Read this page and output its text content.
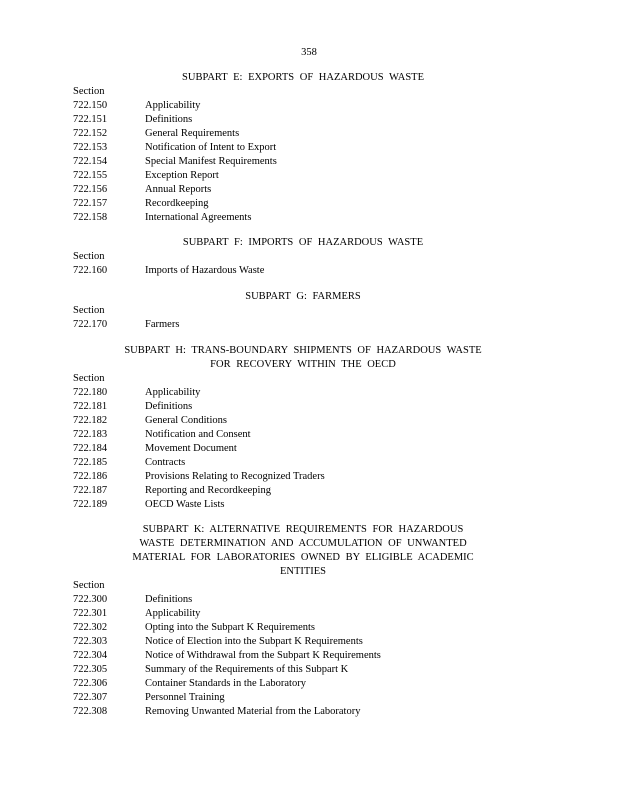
358
SUBPART E: EXPORTS OF HAZARDOUS WASTE
Section
722.150	Applicability
722.151	Definitions
722.152	General Requirements
722.153	Notification of Intent to Export
722.154	Special Manifest Requirements
722.155	Exception Report
722.156	Annual Reports
722.157	Recordkeeping
722.158	International Agreements
SUBPART F: IMPORTS OF HAZARDOUS WASTE
Section
722.160	Imports of Hazardous Waste
SUBPART G: FARMERS
Section
722.170	Farmers
SUBPART H: TRANS-BOUNDARY SHIPMENTS OF HAZARDOUS WASTE
FOR RECOVERY WITHIN THE OECD
Section
722.180	Applicability
722.181	Definitions
722.182	General Conditions
722.183	Notification and Consent
722.184	Movement Document
722.185	Contracts
722.186	Provisions Relating to Recognized Traders
722.187	Reporting and Recordkeeping
722.189	OECD Waste Lists
SUBPART K: ALTERNATIVE REQUIREMENTS FOR HAZARDOUS
WASTE DETERMINATION AND ACCUMULATION OF UNWANTED
MATERIAL FOR LABORATORIES OWNED BY ELIGIBLE ACADEMIC
ENTITIES
Section
722.300	Definitions
722.301	Applicability
722.302	Opting into the Subpart K Requirements
722.303	Notice of Election into the Subpart K Requirements
722.304	Notice of Withdrawal from the Subpart K Requirements
722.305	Summary of the Requirements of this Subpart K
722.306	Container Standards in the Laboratory
722.307	Personnel Training
722.308	Removing Unwanted Material from the Laboratory
